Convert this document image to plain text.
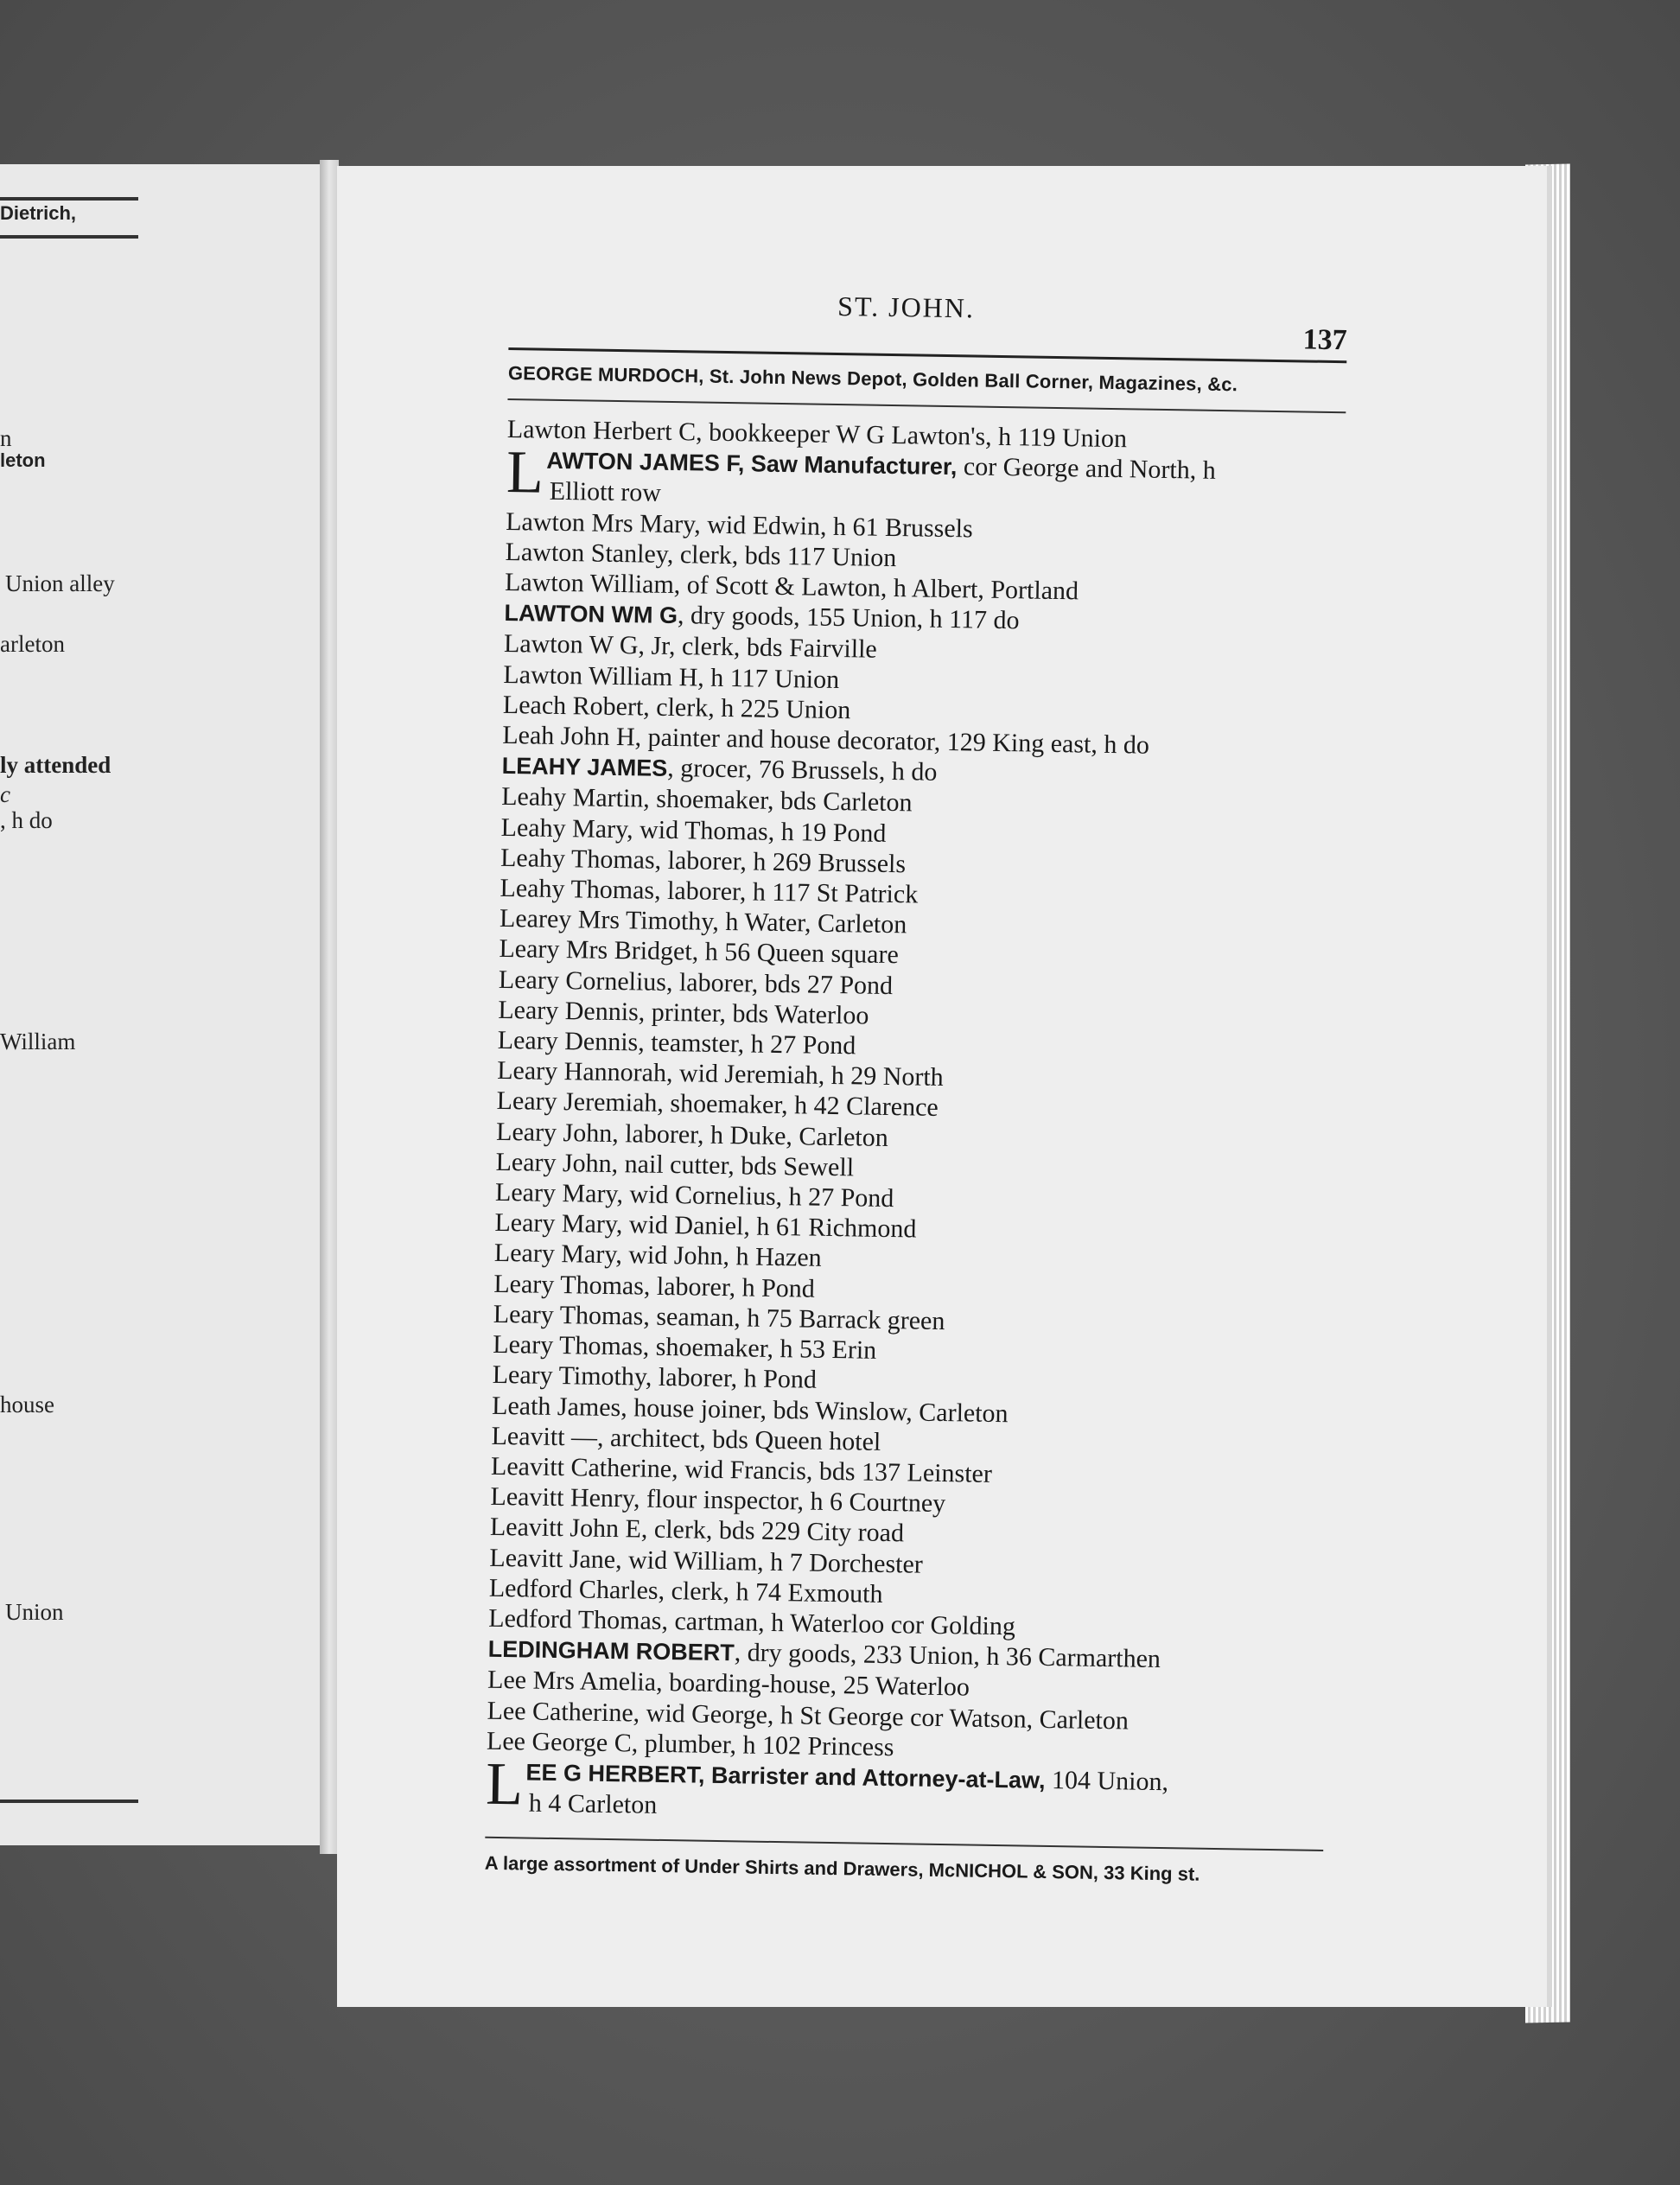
Dietrich,
n
leton
Union alley
arleton
ly attended
c
, h do
William
house
Union
ST. JOHN.
137
GEORGE MURDOCH, St. John News Depot, Golden Ball Corner, Magazines, &c.
Lawton Herbert C, bookkeeper W G Lawton's, h 119 Union
L AWTON JAMES F, Saw Manufacturer, cor George and North, h
Elliott row
Lawton Mrs Mary, wid Edwin, h 61 Brussels
Lawton Stanley, clerk, bds 117 Union
Lawton William, of Scott & Lawton, h Albert, Portland
LAWTON WM G, dry goods, 155 Union, h 117 do
Lawton W G, Jr, clerk, bds Fairville
Lawton William H, h 117 Union
Leach Robert, clerk, h 225 Union
Leah John H, painter and house decorator, 129 King east, h do
LEAHY JAMES, grocer, 76 Brussels, h do
Leahy Martin, shoemaker, bds Carleton
Leahy Mary, wid Thomas, h 19 Pond
Leahy Thomas, laborer, h 269 Brussels
Leahy Thomas, laborer, h 117 St Patrick
Learey Mrs Timothy, h Water, Carleton
Leary Mrs Bridget, h 56 Queen square
Leary Cornelius, laborer, bds 27 Pond
Leary Dennis, printer, bds Waterloo
Leary Dennis, teamster, h 27 Pond
Leary Hannorah, wid Jeremiah, h 29 North
Leary Jeremiah, shoemaker, h 42 Clarence
Leary John, laborer, h Duke, Carleton
Leary John, nail cutter, bds Sewell
Leary Mary, wid Cornelius, h 27 Pond
Leary Mary, wid Daniel, h 61 Richmond
Leary Mary, wid John, h Hazen
Leary Thomas, laborer, h Pond
Leary Thomas, seaman, h 75 Barrack green
Leary Thomas, shoemaker, h 53 Erin
Leary Timothy, laborer, h Pond
Leath James, house joiner, bds Winslow, Carleton
Leavitt —, architect, bds Queen hotel
Leavitt Catherine, wid Francis, bds 137 Leinster
Leavitt Henry, flour inspector, h 6 Courtney
Leavitt John E, clerk, bds 229 City road
Leavitt Jane, wid William, h 7 Dorchester
Ledford Charles, clerk, h 74 Exmouth
Ledford Thomas, cartman, h Waterloo cor Golding
LEDINGHAM ROBERT, dry goods, 233 Union, h 36 Carmarthen
Lee Mrs Amelia, boarding-house, 25 Waterloo
Lee Catherine, wid George, h St George cor Watson, Carleton
Lee George C, plumber, h 102 Princess
L EE G HERBERT, Barrister and Attorney-at-Law, 104 Union,
h 4 Carleton
A large assortment of Under Shirts and Drawers, McNICHOL & SON, 33 King st.
